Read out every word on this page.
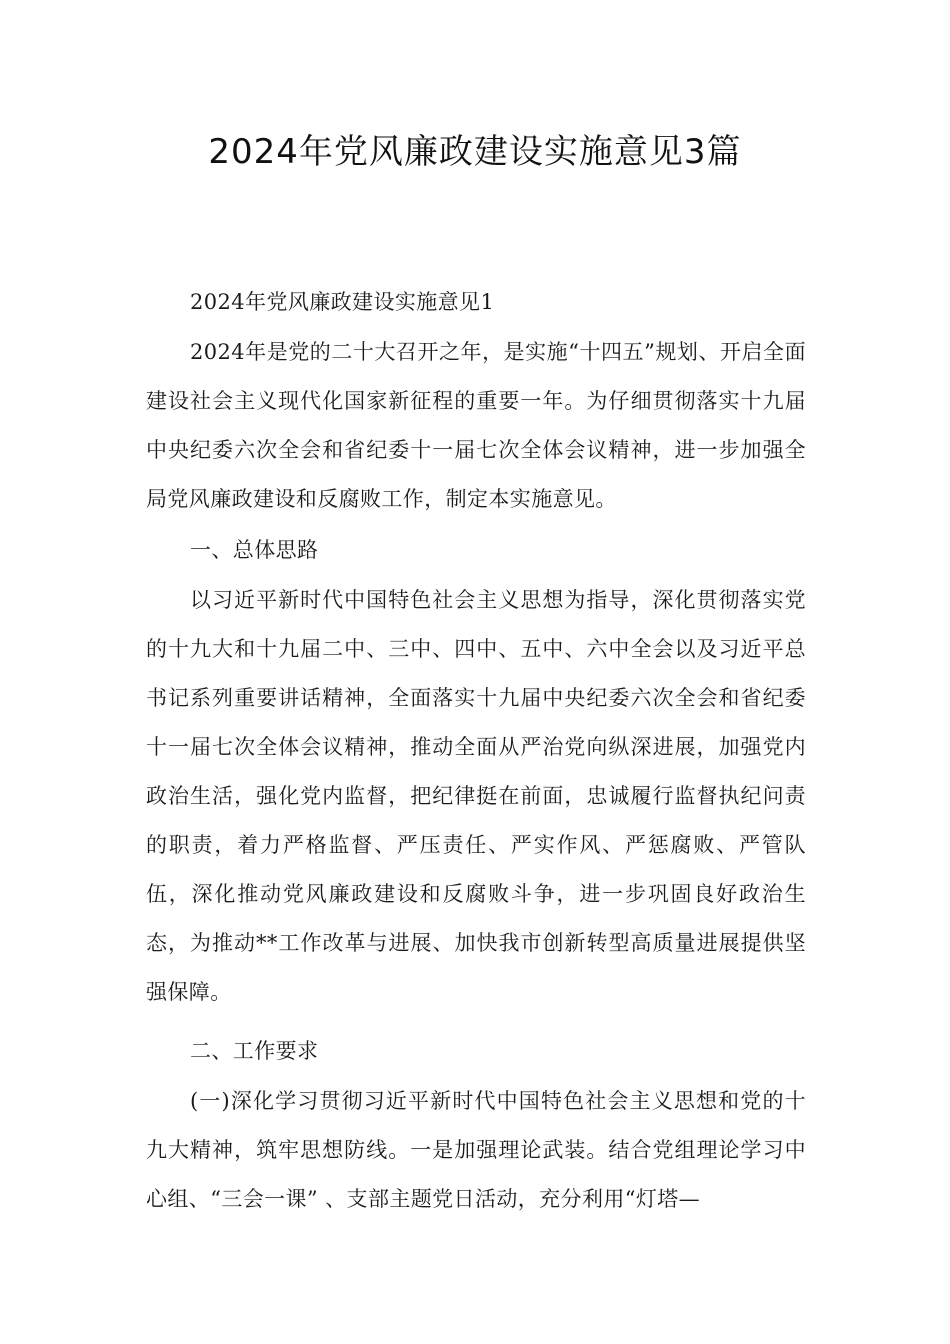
2024年党风廉政建设实施意见3篇

2024年党风廉政建设实施意见1

2024年是党的二十大召开之年，是实施“十四五”规划、开启全面建设社会主义现代化国家新征程的重要一年。为仔细贯彻落实十九届中央纪委六次全会和省纪委十一届七次全体会议精神，进一步加强全局党风廉政建设和反腐败工作，制定本实施意见。

一、总体思路

以习近平新时代中国特色社会主义思想为指导，深化贯彻落实党的十九大和十九届二中、三中、四中、五中、六中全会以及习近平总书记系列重要讲话精神，全面落实十九届中央纪委六次全会和省纪委十一届七次全体会议精神，推动全面从严治党向纵深进展，加强党内政治生活，强化党内监督，把纪律挺在前面，忠诚履行监督执纪问责的职责，着力严格监督、严压责任、严实作风、严惩腐败、严管队伍，深化推动党风廉政建设和反腐败斗争，进一步巩固良好政治生态，为推动**工作改革与进展、加快我市创新转型高质量进展提供坚强保障。

二、工作要求

(一)深化学习贯彻习近平新时代中国特色社会主义思想和党的十九大精神，筑牢思想防线。一是加强理论武装。结合党组理论学习中心组、“三会一课” 、支部主题党日活动，充分利用“灯塔—
